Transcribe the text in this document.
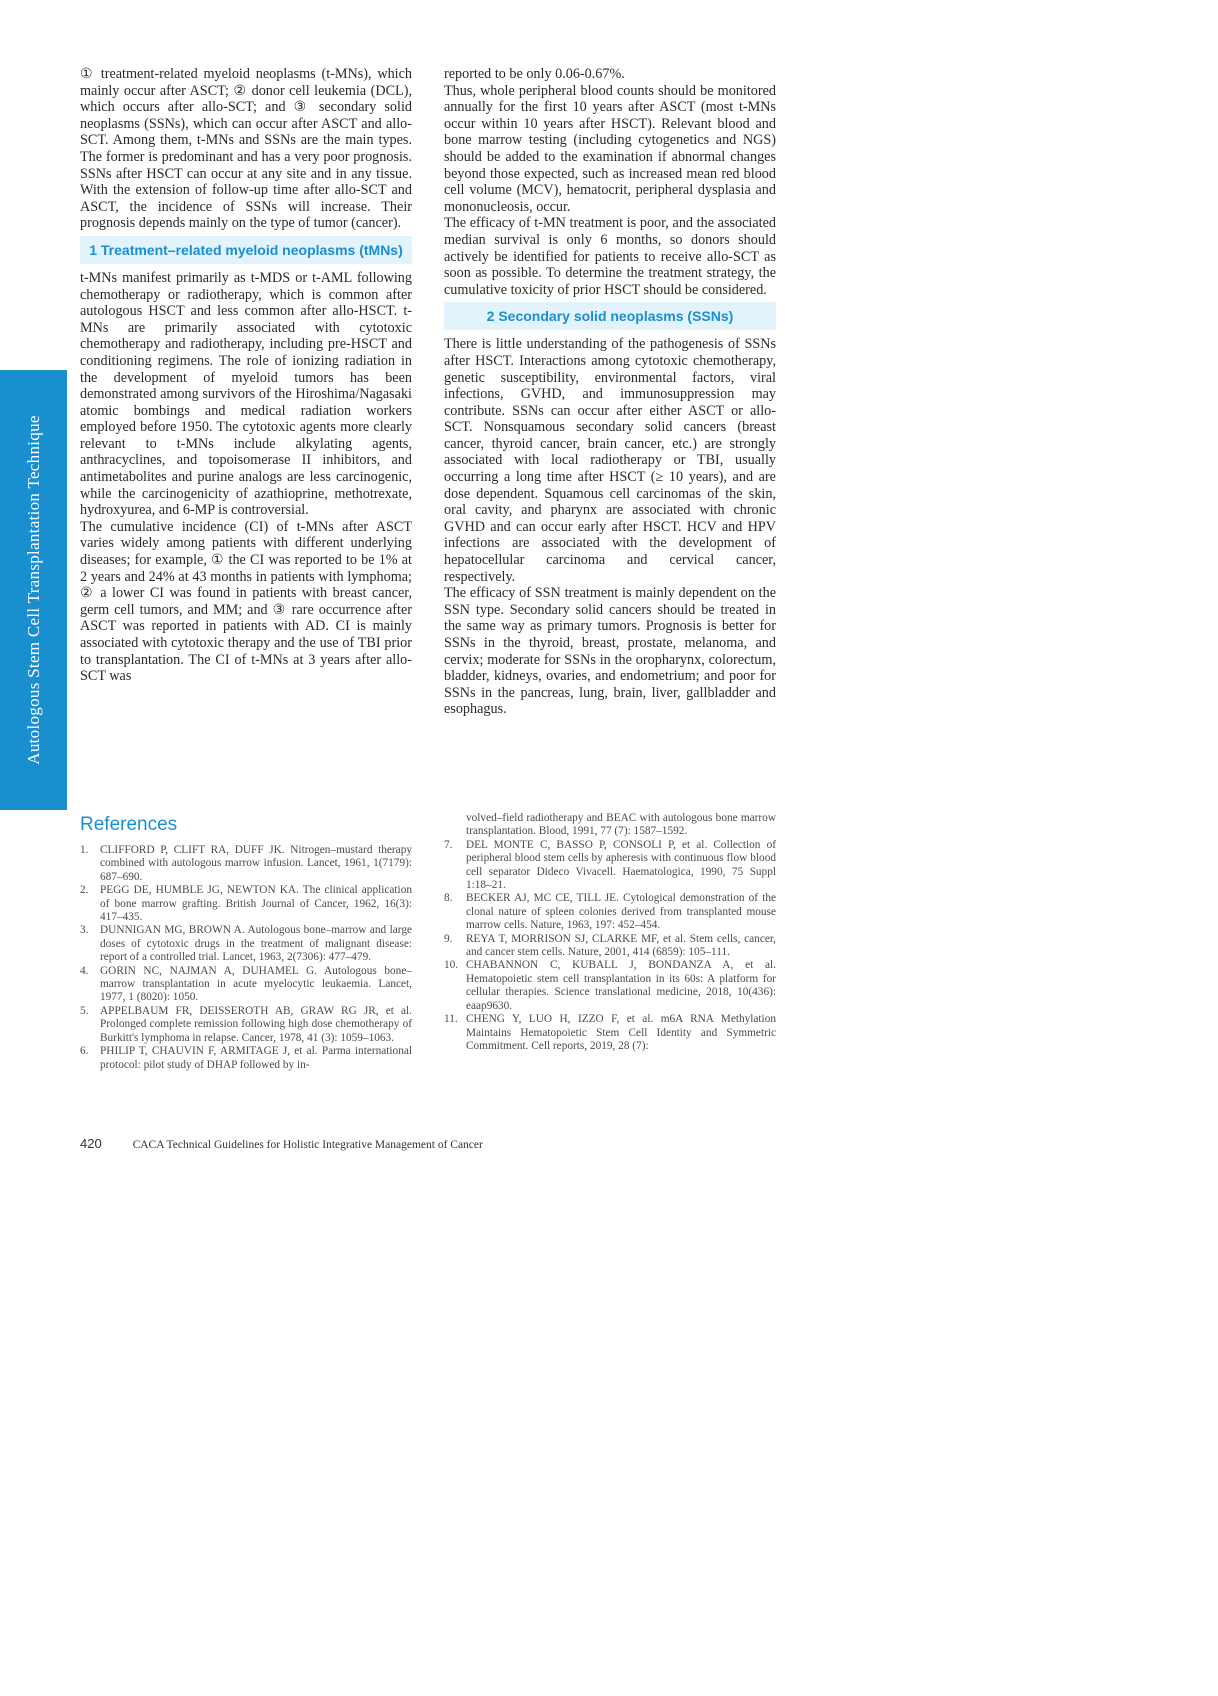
Autologous Stem Cell Transplantation Technique

① treatment-related myeloid neoplasms (t-MNs), which mainly occur after ASCT; ② donor cell leukemia (DCL), which occurs after allo-SCT; and ③ secondary solid neoplasms (SSNs), which can occur after ASCT and allo-SCT. Among them, t-MNs and SSNs are the main types. The former is predominant and has a very poor prognosis. SSNs after HSCT can occur at any site and in any tissue. With the extension of follow-up time after allo-SCT and ASCT, the incidence of SSNs will increase. Their prognosis depends mainly on the type of tumor (cancer).

1 Treatment–related myeloid neoplasms (tMNs)

t-MNs manifest primarily as t-MDS or t-AML following chemotherapy or radiotherapy, which is common after autologous HSCT and less common after allo-HSCT. t-MNs are primarily associated with cytotoxic chemotherapy and radiotherapy, including pre-HSCT and conditioning regimens. The role of ionizing radiation in the development of myeloid tumors has been demonstrated among survivors of the Hiroshima/Nagasaki atomic bombings and medical radiation workers employed before 1950. The cytotoxic agents more clearly relevant to t-MNs include alkylating agents, anthracyclines, and topoisomerase II inhibitors, and antimetabolites and purine analogs are less carcinogenic, while the carcinogenicity of azathioprine, methotrexate, hydroxyurea, and 6-MP is controversial.

The cumulative incidence (CI) of t-MNs after ASCT varies widely among patients with different underlying diseases; for example, ① the CI was reported to be 1% at 2 years and 24% at 43 months in patients with lymphoma; ② a lower CI was found in patients with breast cancer, germ cell tumors, and MM; and ③ rare occurrence after ASCT was reported in patients with AD. CI is mainly associated with cytotoxic therapy and the use of TBI prior to transplantation. The CI of t-MNs at 3 years after allo-SCT was

reported to be only 0.06-0.67%.

Thus, whole peripheral blood counts should be monitored annually for the first 10 years after ASCT (most t-MNs occur within 10 years after HSCT). Relevant blood and bone marrow testing (including cytogenetics and NGS) should be added to the examination if abnormal changes beyond those expected, such as increased mean red blood cell volume (MCV), hematocrit, peripheral dysplasia and mononucleosis, occur.

The efficacy of t-MN treatment is poor, and the associated median survival is only 6 months, so donors should actively be identified for patients to receive allo-SCT as soon as possible. To determine the treatment strategy, the cumulative toxicity of prior HSCT should be considered.

2 Secondary solid neoplasms (SSNs)

There is little understanding of the pathogenesis of SSNs after HSCT. Interactions among cytotoxic chemotherapy, genetic susceptibility, environmental factors, viral infections, GVHD, and immunosuppression may contribute. SSNs can occur after either ASCT or allo-SCT. Nonsquamous secondary solid cancers (breast cancer, thyroid cancer, brain cancer, etc.) are strongly associated with local radiotherapy or TBI, usually occurring a long time after HSCT (≥ 10 years), and are dose dependent. Squamous cell carcinomas of the skin, oral cavity, and pharynx are associated with chronic GVHD and can occur early after HSCT. HCV and HPV infections are associated with the development of hepatocellular carcinoma and cervical cancer, respectively.

The efficacy of SSN treatment is mainly dependent on the SSN type. Secondary solid cancers should be treated in the same way as primary tumors. Prognosis is better for SSNs in the thyroid, breast, prostate, melanoma, and cervix; moderate for SSNs in the oropharynx, colorectum, bladder, kidneys, ovaries, and endometrium; and poor for SSNs in the pancreas, lung, brain, liver, gallbladder and esophagus.

References
1.	CLIFFORD P, CLIFT RA, DUFF JK. Nitrogen–mustard therapy combined with autologous marrow infusion. Lancet, 1961, 1(7179): 687–690.
2.	PEGG DE, HUMBLE JG, NEWTON KA. The clinical application of bone marrow grafting. British Journal of Cancer, 1962, 16(3): 417–435.
3.	DUNNIGAN MG, BROWN A. Autologous bone–marrow and large doses of cytotoxic drugs in the treatment of malignant disease: report of a controlled trial. Lancet, 1963, 2(7306): 477–479.
4.	GORIN NC, NAJMAN A, DUHAMEL G. Autologous bone–marrow transplantation in acute myelocytic leukaemia. Lancet, 1977, 1 (8020): 1050.
5.	APPELBAUM FR, DEISSEROTH AB, GRAW RG JR, et al. Prolonged complete remission following high dose chemotherapy of Burkitt's lymphoma in relapse. Cancer, 1978, 41 (3): 1059–1063.
6.	PHILIP T, CHAUVIN F, ARMITAGE J, et al. Parma international protocol: pilot study of DHAP followed by in-
volved–field radiotherapy and BEAC with autologous bone marrow transplantation. Blood, 1991, 77 (7): 1587–1592.
7.	DEL MONTE C, BASSO P, CONSOLI P, et al. Collection of peripheral blood stem cells by apheresis with continuous flow blood cell separator Dideco Vivacell. Haematologica, 1990, 75 Suppl 1:18–21.
8.	BECKER AJ, MC CE, TILL JE. Cytological demonstration of the clonal nature of spleen colonies derived from transplanted mouse marrow cells. Nature, 1963, 197: 452–454.
9.	REYA T, MORRISON SJ, CLARKE MF, et al. Stem cells, cancer, and cancer stem cells. Nature, 2001, 414 (6859): 105–111.
10. CHABANNON C, KUBALL J, BONDANZA A, et al. Hematopoietic stem cell transplantation in its 60s: A platform for cellular therapies. Science translational medicine, 2018, 10(436): eaap9630.
11. CHENG Y, LUO H, IZZO F, et al. m6A RNA Methylation Maintains Hematopoietic Stem Cell Identity and Symmetric Commitment. Cell reports, 2019, 28 (7):
420	CACA Technical Guidelines for Holistic Integrative Management of Cancer
